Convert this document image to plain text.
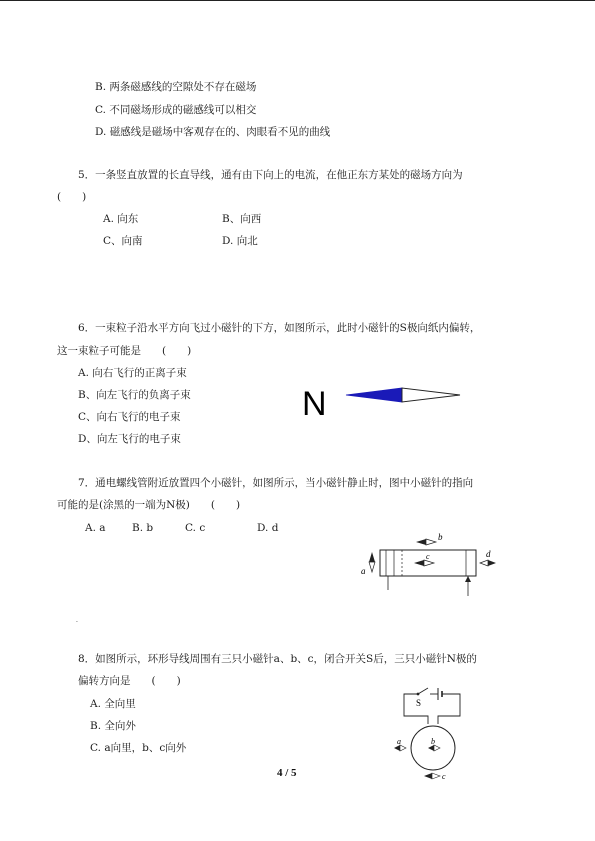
B. 两条磁感线的空隙处不存在磁场
C. 不同磁场形成的磁感线可以相交
D. 磁感线是磁场中客观存在的、肉眼看不见的曲线
5．一条竖直放置的长直导线，通有由下向上的电流，在他正东方某处的磁场方向为
(　　)
A. 向东	B、向西
C、向南	D. 向北
6．一束粒子沿水平方向飞过小磁针的下方，如图所示，此时小磁针的S极向纸内偏转，
这一束粒子可能是　　(　　)
A. 向右飞行的正离子束
B、向左飞行的负离子束
C、向右飞行的电子束
D、向左飞行的电子束
N
7．通电螺线管附近放置四个小磁针，如图所示，当小磁针静止时，图中小磁针的指向
可能的是(涂黑的一端为N极)　　(　　)
A. a	B. b	C. c	D. d
a
b
c	d
.
8．如图所示，环形导线周围有三只小磁针a、b、c，闭合开关S后，三只小磁针N极的
偏转方向是　　(　　)
A. 全向里
B. 全向外
C. a向里，b、c向外
S
b
a
c
4 / 5
